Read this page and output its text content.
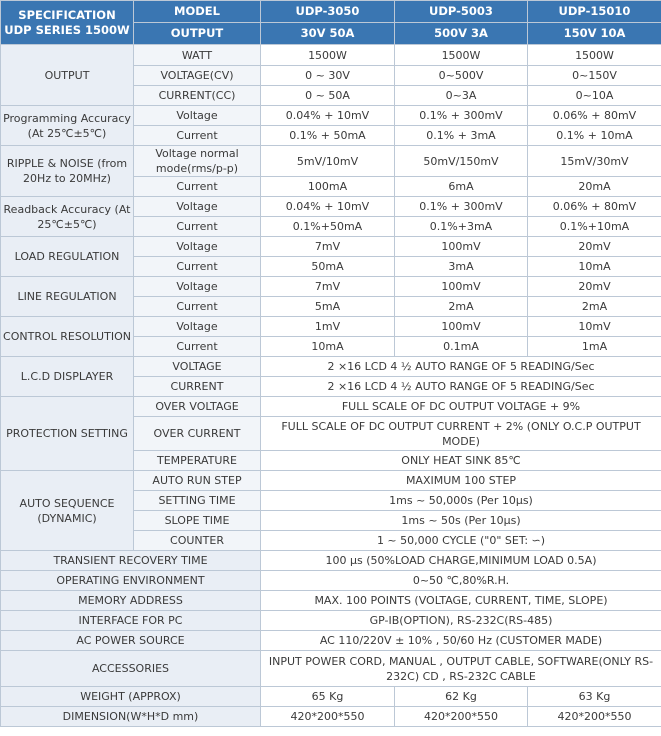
SPECIFICATION
UDP SERIES 1500W	MODEL	UDP-3050	UDP-5003	UDP-15010
	OUTPUT	30V 50A	500V 3A	150V 10A
OUTPUT	WATT	1500W	1500W	1500W
	VOLTAGE(CV)	0 ~ 30V	0~500V	0~150V
	CURRENT(CC)	0 ~ 50A	0~3A	0~10A
Programming Accuracy (At 25℃±5℃)	Voltage	0.04% + 10mV	0.1% + 300mV	0.06% + 80mV
	Current	0.1% + 50mA	0.1% + 3mA	0.1% + 10mA
RIPPLE & NOISE (from 20Hz to 20MHz)	Voltage normal mode(rms/p-p)	5mV/10mV	50mV/150mV	15mV/30mV
	Current	100mA	6mA	20mA
Readback Accuracy (At 25℃±5℃)	Voltage	0.04% + 10mV	0.1% + 300mV	0.06% + 80mV
	Current	0.1%+50mA	0.1%+3mA	0.1%+10mA
LOAD REGULATION	Voltage	7mV	100mV	20mV
	Current	50mA	3mA	10mA
LINE REGULATION	Voltage	7mV	100mV	20mV
	Current	5mA	2mA	2mA
CONTROL RESOLUTION	Voltage	1mV	100mV	10mV
	Current	10mA	0.1mA	1mA
L.C.D DISPLAYER	VOLTAGE	2 ×16 LCD 4 ½ AUTO RANGE OF 5 READING/Sec		
	CURRENT	2 ×16 LCD 4 ½ AUTO RANGE OF 5 READING/Sec		
PROTECTION SETTING	OVER VOLTAGE	FULL SCALE OF DC OUTPUT VOLTAGE + 9%		
	OVER CURRENT	FULL SCALE OF DC OUTPUT CURRENT + 2% (ONLY O.C.P OUTPUT MODE)		
	TEMPERATURE	ONLY HEAT SINK 85℃		
AUTO SEQUENCE (DYNAMIC)	AUTO RUN STEP	MAXIMUM 100 STEP		
	SETTING TIME	1ms ~ 50,000s (Per 10μs)		
	SLOPE TIME	1ms ~ 50s (Per 10μs)		
	COUNTER	1 ~ 50,000 CYCLE ("0" SET: ∽)		
TRANSIENT RECOVERY TIME		100 μs (50%LOAD CHARGE,MINIMUM LOAD 0.5A)		
OPERATING ENVIRONMENT		0~50 ℃,80%R.H.		
MEMORY ADDRESS		MAX. 100 POINTS (VOLTAGE, CURRENT, TIME, SLOPE)		
INTERFACE FOR PC		GP-IB(OPTION), RS-232C(RS-485)		
AC POWER SOURCE		AC 110/220V ± 10% , 50/60 Hz (CUSTOMER MADE)		
ACCESSORIES		INPUT POWER CORD, MANUAL , OUTPUT CABLE, SOFTWARE(ONLY RS-232C) CD , RS-232C CABLE		
WEIGHT (APPROX)		65 Kg	62 Kg	63 Kg
DIMENSION(W*H*D mm)		420*200*550	420*200*550	420*200*550
